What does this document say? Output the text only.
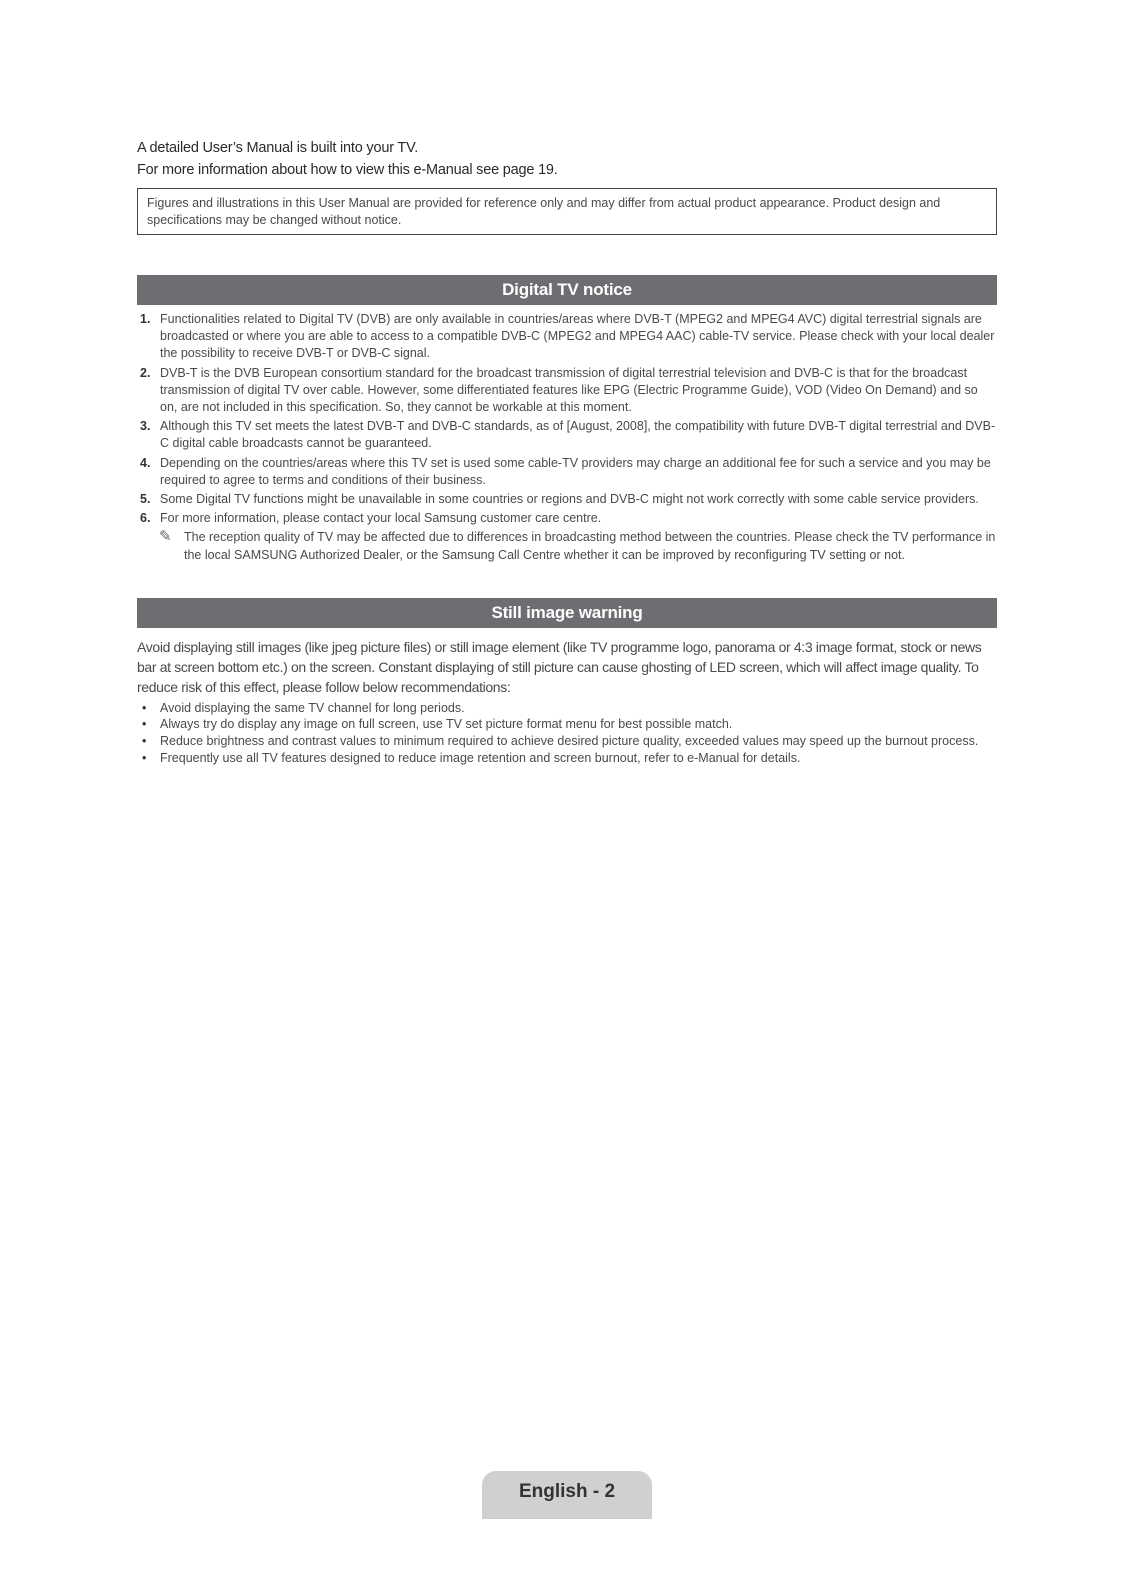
A detailed User’s Manual is built into your TV.
For more information about how to view this e-Manual see page 19.
Figures and illustrations in this User Manual are provided for reference only and may differ from actual product appearance. Product design and specifications may be changed without notice.
Digital TV notice
1. Functionalities related to Digital TV (DVB) are only available in countries/areas where DVB-T (MPEG2 and MPEG4 AVC) digital terrestrial signals are broadcasted or where you are able to access to a compatible DVB-C (MPEG2 and MPEG4 AAC) cable-TV service. Please check with your local dealer the possibility to receive DVB-T or DVB-C signal.
2. DVB-T is the DVB European consortium standard for the broadcast transmission of digital terrestrial television and DVB-C is that for the broadcast transmission of digital TV over cable. However, some differentiated features like EPG (Electric Programme Guide), VOD (Video On Demand) and so on, are not included in this specification. So, they cannot be workable at this moment.
3. Although this TV set meets the latest DVB-T and DVB-C standards, as of [August, 2008], the compatibility with future DVB-T digital terrestrial and DVB-C digital cable broadcasts cannot be guaranteed.
4. Depending on the countries/areas where this TV set is used some cable-TV providers may charge an additional fee for such a service and you may be required to agree to terms and conditions of their business.
5. Some Digital TV functions might be unavailable in some countries or regions and DVB-C might not work correctly with some cable service providers.
6. For more information, please contact your local Samsung customer care centre.
✎ The reception quality of TV may be affected due to differences in broadcasting method between the countries. Please check the TV performance in the local SAMSUNG Authorized Dealer, or the Samsung Call Centre whether it can be improved by reconfiguring TV setting or not.
Still image warning
Avoid displaying still images (like jpeg picture files) or still image element (like TV programme logo, panorama or 4:3 image format, stock or news bar at screen bottom etc.) on the screen. Constant displaying of still picture can cause ghosting of LED screen, which will affect image quality. To reduce risk of this effect, please follow below recommendations:
• Avoid displaying the same TV channel for long periods.
• Always try do display any image on full screen, use TV set picture format menu for best possible match.
• Reduce brightness and contrast values to minimum required to achieve desired picture quality, exceeded values may speed up the burnout process.
• Frequently use all TV features designed to reduce image retention and screen burnout, refer to e-Manual for details.
English - 2
